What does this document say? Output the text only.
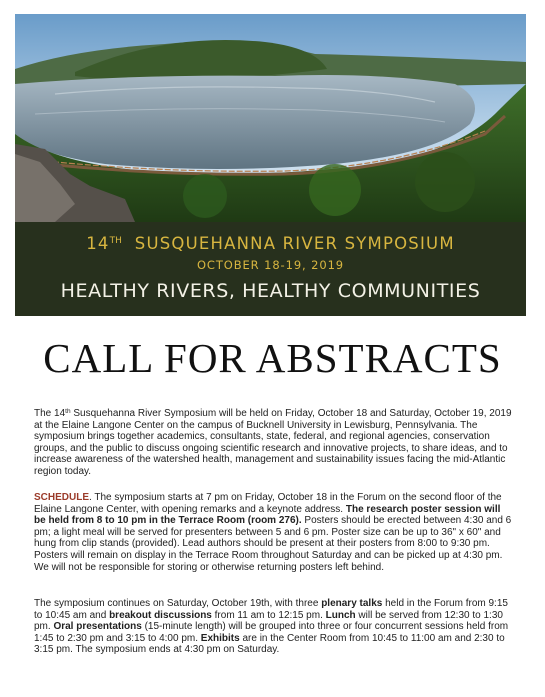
14TH SUSQUEHANNA RIVER SYMPOSIUM
OCTOBER 18-19, 2019
HEALTHY RIVERS, HEALTHY COMMUNITIES
CALL FOR ABSTRACTS
The 14th Susquehanna River Symposium will be held on Friday, October 18 and Saturday, October 19, 2019 at the Elaine Langone Center on the campus of Bucknell University in Lewisburg, Pennsylvania. The symposium brings together academics, consultants, state, federal, and regional agencies, conservation groups, and the public to discuss ongoing scientific research and innovative projects, to share ideas, and to increase awareness of the watershed health, management and sustainability issues facing the mid-Atlantic region today.
SCHEDULE. The symposium starts at 7 pm on Friday, October 18 in the Forum on the second floor of the Elaine Langone Center, with opening remarks and a keynote address. The research poster session will be held from 8 to 10 pm in the Terrace Room (room 276). Posters should be erected between 4:30 and 6 pm; a light meal will be served for presenters between 5 and 6 pm. Poster size can be up to 36" x 60" and hung from clip stands (provided). Lead authors should be present at their posters from 8:00 to 9:30 pm. Posters will remain on display in the Terrace Room throughout Saturday and can be picked up at 4:30 pm. We will not be responsible for storing or otherwise returning posters left behind.
The symposium continues on Saturday, October 19th, with three plenary talks held in the Forum from 9:15 to 10:45 am and breakout discussions from 11 am to 12:15 pm. Lunch will be served from 12:30 to 1:30 pm. Oral presentations (15-minute length) will be grouped into three or four concurrent sessions held from 1:45 to 2:30 pm and 3:15 to 4:00 pm. Exhibits are in the Center Room from 10:45 to 11:00 am and 2:30 to 3:15 pm. The symposium ends at 4:30 pm on Saturday.
